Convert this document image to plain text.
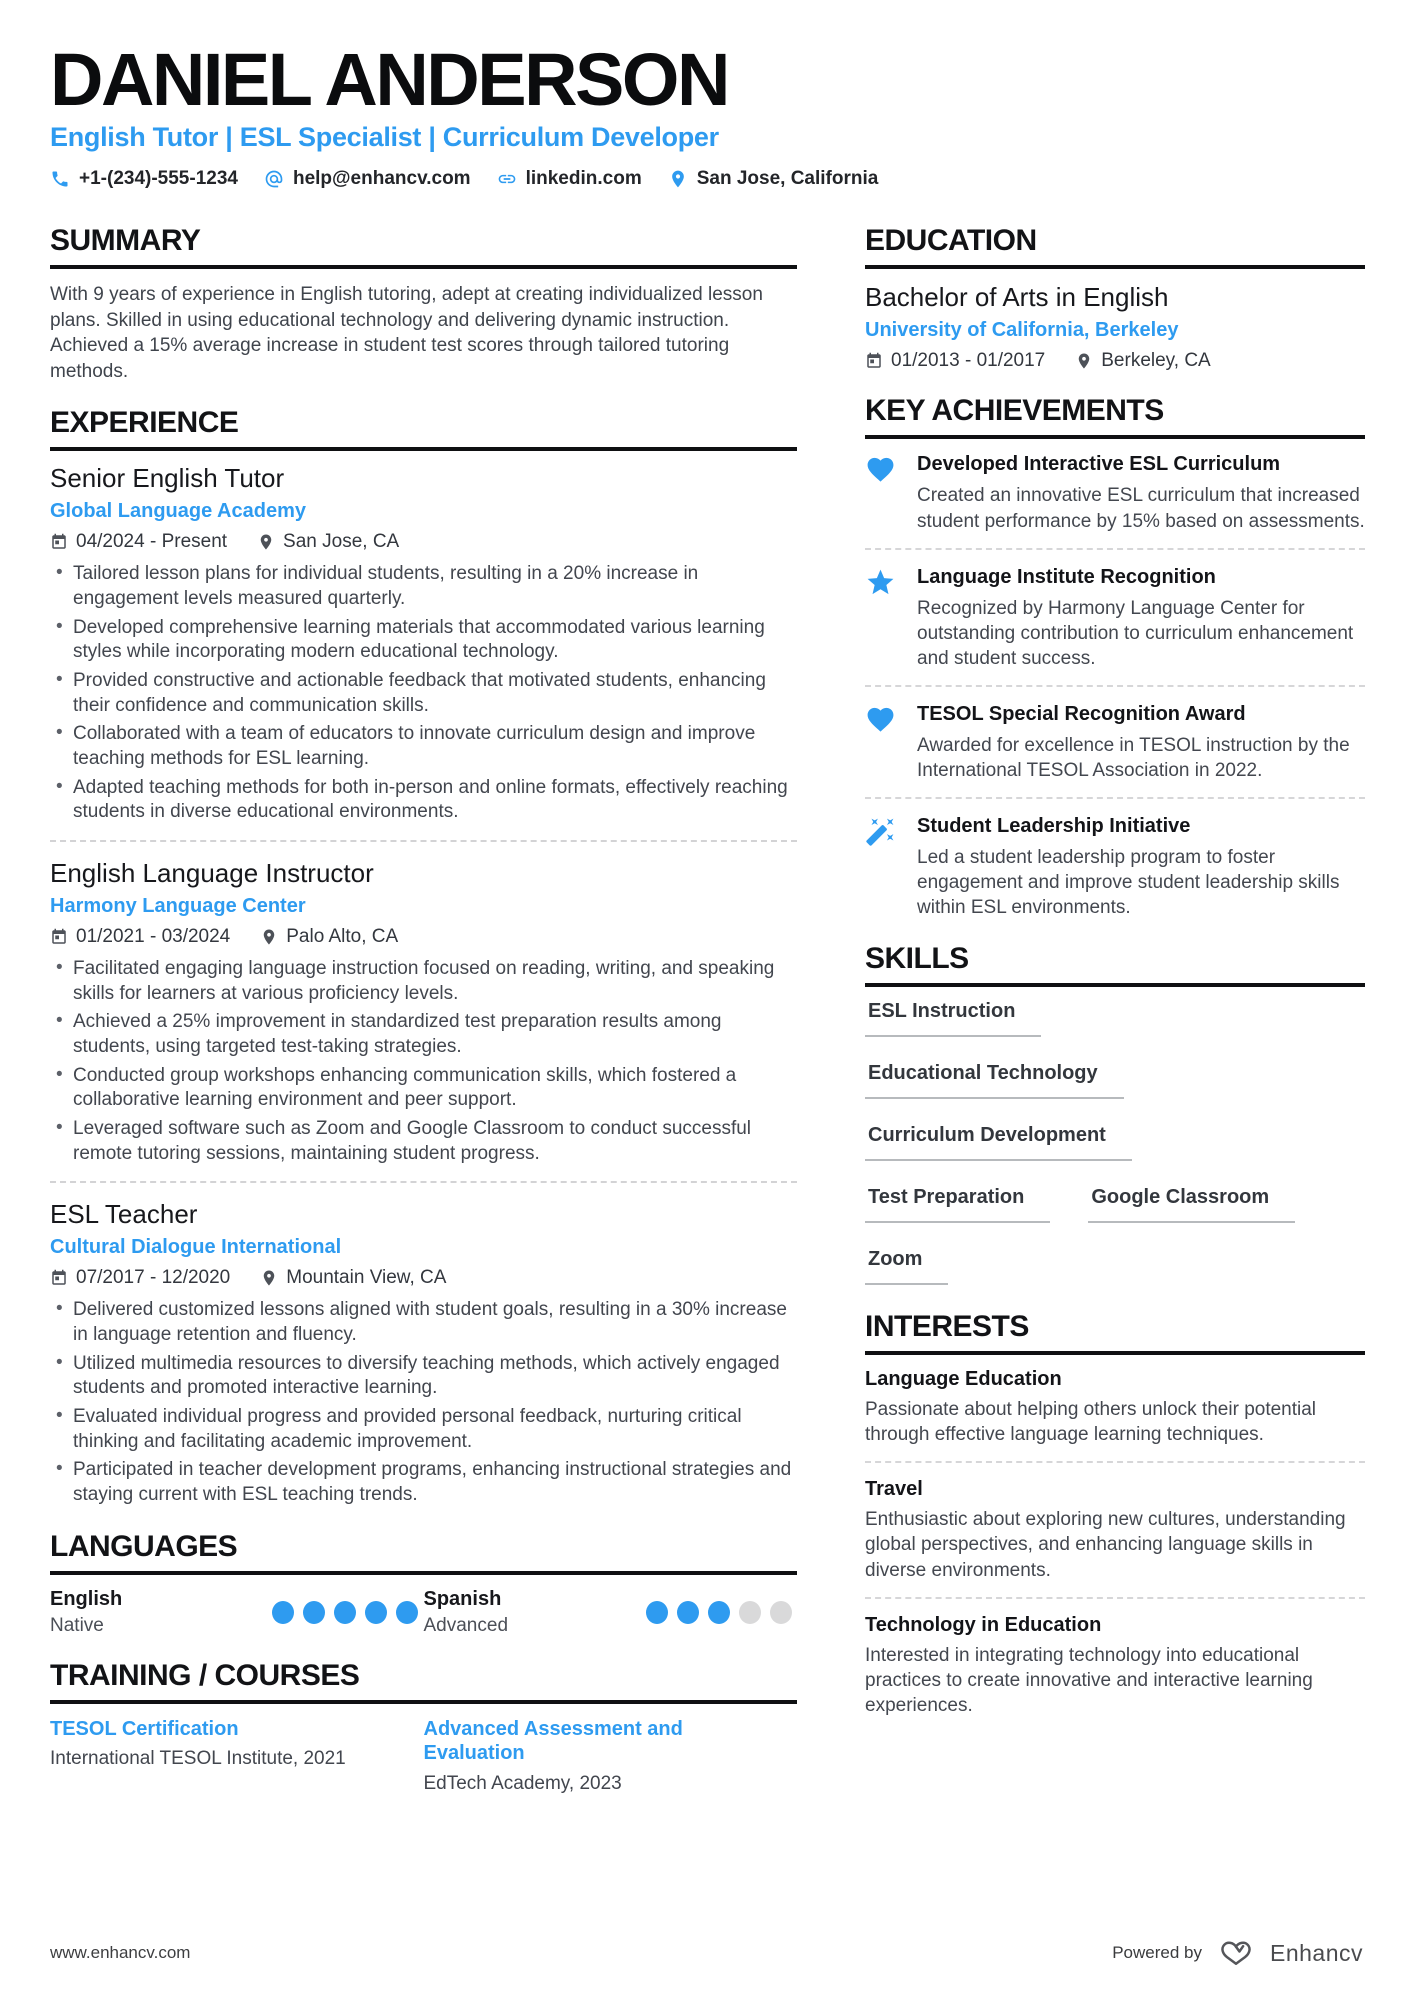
DANIEL ANDERSON
English Tutor | ESL Specialist | Curriculum Developer
+1-(234)-555-1234	help@enhancv.com	linkedin.com	San Jose, California
SUMMARY

With 9 years of experience in English tutoring, adept at creating individualized lesson plans. Skilled in using educational technology and delivering dynamic instruction. Achieved a 15% average increase in student test scores through tailored tutoring methods.

EXPERIENCE
Senior English Tutor
Global Language Academy
04/2024 - Present	San Jose, CA
• Tailored lesson plans for individual students, resulting in a 20% increase in engagement levels measured quarterly.
• Developed comprehensive learning materials that accommodated various learning styles while incorporating modern educational technology.
• Provided constructive and actionable feedback that motivated students, enhancing their confidence and communication skills.
• Collaborated with a team of educators to innovate curriculum design and improve teaching methods for ESL learning.
• Adapted teaching methods for both in-person and online formats, effectively reaching students in diverse educational environments.
English Language Instructor
Harmony Language Center
01/2021 - 03/2024	Palo Alto, CA
• Facilitated engaging language instruction focused on reading, writing, and speaking skills for learners at various proficiency levels.
• Achieved a 25% improvement in standardized test preparation results among students, using targeted test-taking strategies.
• Conducted group workshops enhancing communication skills, which fostered a collaborative learning environment and peer support.
• Leveraged software such as Zoom and Google Classroom to conduct successful remote tutoring sessions, maintaining student progress.
ESL Teacher
Cultural Dialogue International
07/2017 - 12/2020	Mountain View, CA
• Delivered customized lessons aligned with student goals, resulting in a 30% increase in language retention and fluency.
• Utilized multimedia resources to diversify teaching methods, which actively engaged students and promoted interactive learning.
• Evaluated individual progress and provided personal feedback, nurturing critical thinking and facilitating academic improvement.
• Participated in teacher development programs, enhancing instructional strategies and staying current with ESL teaching trends.
LANGUAGES
English
Native
Spanish
Advanced
TRAINING / COURSES
TESOL Certification
International TESOL Institute, 2021
Advanced Assessment and Evaluation
EdTech Academy, 2023
EDUCATION
Bachelor of Arts in English
University of California, Berkeley
01/2013 - 01/2017	Berkeley, CA
KEY ACHIEVEMENTS
Developed Interactive ESL Curriculum
Created an innovative ESL curriculum that increased student performance by 15% based on assessments.
Language Institute Recognition
Recognized by Harmony Language Center for outstanding contribution to curriculum enhancement and student success.
TESOL Special Recognition Award
Awarded for excellence in TESOL instruction by the International TESOL Association in 2022.
Student Leadership Initiative
Led a student leadership program to foster engagement and improve student leadership skills within ESL environments.
SKILLS
ESL Instruction
Educational Technology
Curriculum Development
Test Preparation	Google Classroom
Zoom
INTERESTS
Language Education
Passionate about helping others unlock their potential through effective language learning techniques.
Travel
Enthusiastic about exploring new cultures, understanding global perspectives, and enhancing language skills in diverse environments.
Technology in Education
Interested in integrating technology into educational practices to create innovative and interactive learning experiences.
www.enhancv.com	Powered by	Enhancv
